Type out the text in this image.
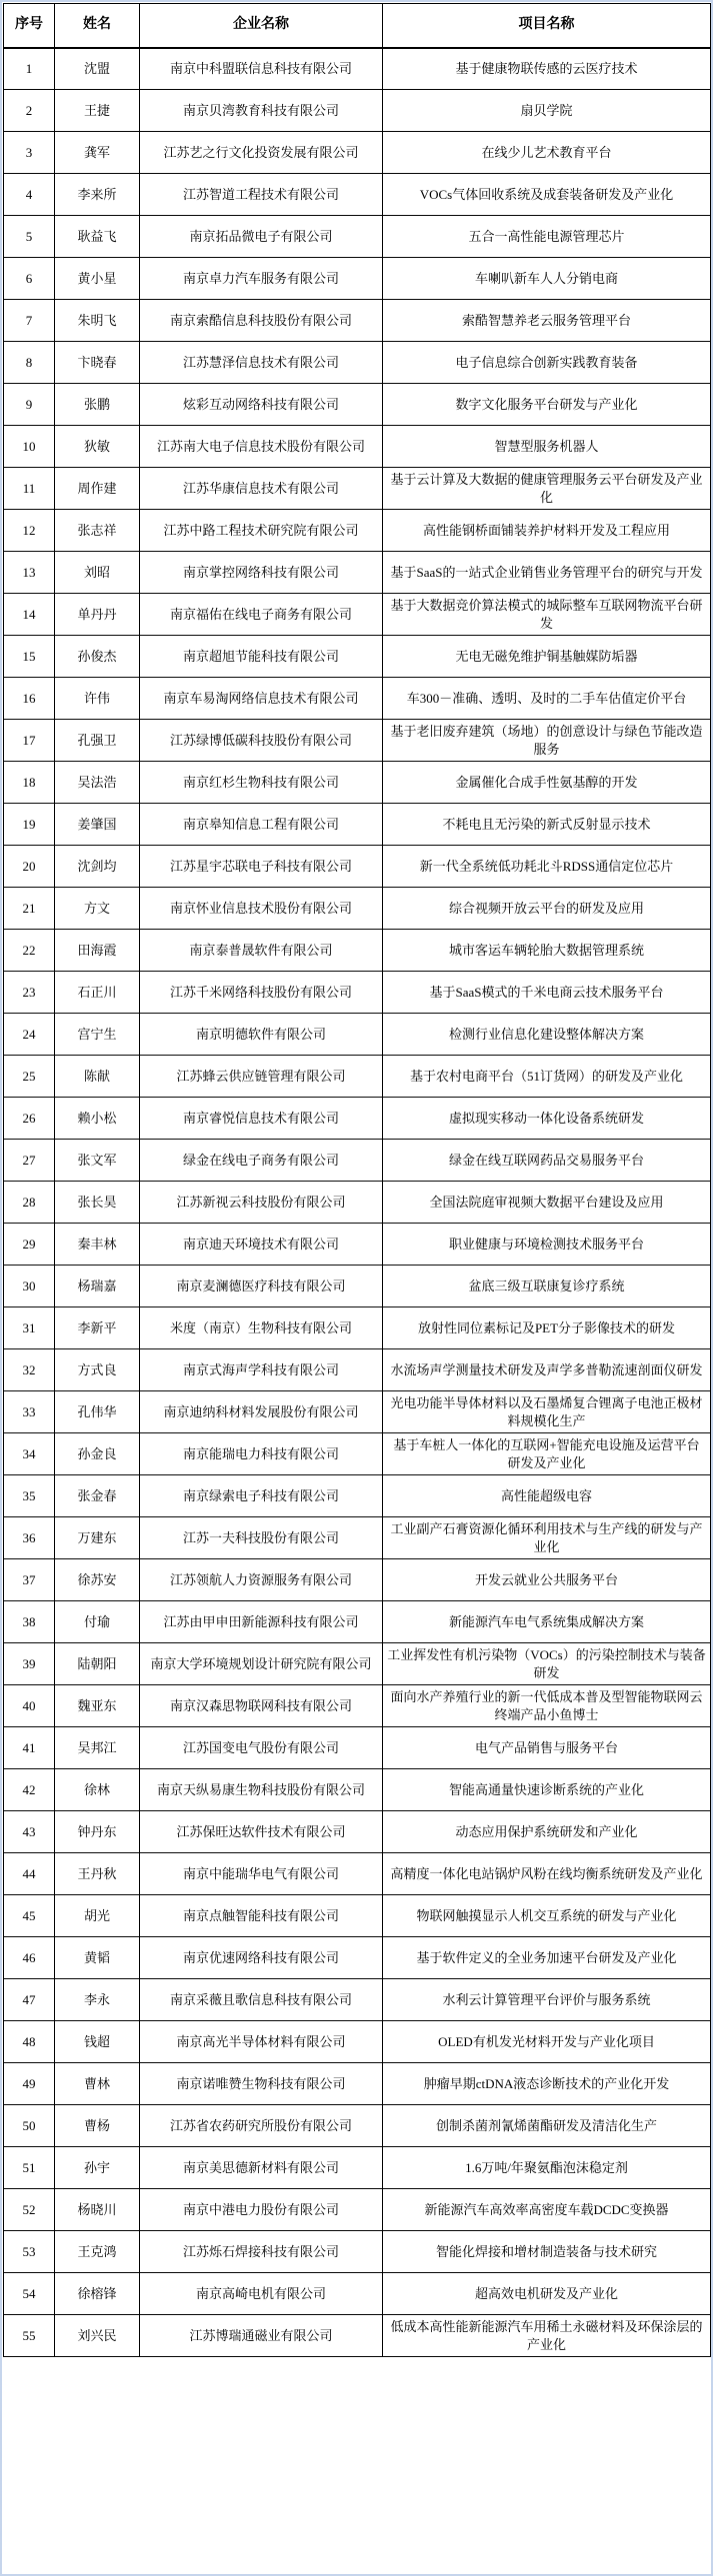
序号	姓名	企业名称	项目名称
1	沈盟	南京中科盟联信息科技有限公司	基于健康物联传感的云医疗技术
2	王捷	南京贝湾教育科技有限公司	扇贝学院
3	龚军	江苏艺之行文化投资发展有限公司	在线少儿艺术教育平台
4	李来所	江苏智道工程技术有限公司	VOCs气体回收系统及成套装备研发及产业化
5	耿益飞	南京拓品微电子有限公司	五合一高性能电源管理芯片
6	黄小星	南京卓力汽车服务有限公司	车喇叭新车人人分销电商
7	朱明飞	南京索酷信息科技股份有限公司	索酷智慧养老云服务管理平台
8	卞晓春	江苏慧泽信息技术有限公司	电子信息综合创新实践教育装备
9	张鹏	炫彩互动网络科技有限公司	数字文化服务平台研发与产业化
10	狄敏	江苏南大电子信息技术股份有限公司	智慧型服务机器人
11	周作建	江苏华康信息技术有限公司	基于云计算及大数据的健康管理服务云平台研发及产业化
12	张志祥	江苏中路工程技术研究院有限公司	高性能钢桥面铺装养护材料开发及工程应用
13	刘昭	南京掌控网络科技有限公司	基于SaaS的一站式企业销售业务管理平台的研究与开发
14	单丹丹	南京福佑在线电子商务有限公司	基于大数据竞价算法模式的城际整车互联网物流平台研发
15	孙俊杰	南京超旭节能科技有限公司	无电无磁免维护铜基触媒防垢器
16	许伟	南京车易淘网络信息技术有限公司	车300－准确、透明、及时的二手车估值定价平台
17	孔强卫	江苏绿博低碳科技股份有限公司	基于老旧废弃建筑（场地）的创意设计与绿色节能改造服务
18	吴法浩	南京红杉生物科技有限公司	金属催化合成手性氨基醇的开发
19	姜肇国	南京皋知信息工程有限公司	不耗电且无污染的新式反射显示技术
20	沈剑均	江苏星宇芯联电子科技有限公司	新一代全系统低功耗北斗RDSS通信定位芯片
21	方文	南京怀业信息技术股份有限公司	综合视频开放云平台的研发及应用
22	田海霞	南京泰普晟软件有限公司	城市客运车辆轮胎大数据管理系统
23	石正川	江苏千米网络科技股份有限公司	基于SaaS模式的千米电商云技术服务平台
24	宫宁生	南京明德软件有限公司	检测行业信息化建设整体解决方案
25	陈献	江苏蜂云供应链管理有限公司	基于农村电商平台（51订货网）的研发及产业化
26	赖小松	南京睿悦信息技术有限公司	虚拟现实移动一体化设备系统研发
27	张文军	绿金在线电子商务有限公司	绿金在线互联网药品交易服务平台
28	张长昊	江苏新视云科技股份有限公司	全国法院庭审视频大数据平台建设及应用
29	秦丰林	南京迪天环境技术有限公司	职业健康与环境检测技术服务平台
30	杨瑞嘉	南京麦澜德医疗科技有限公司	盆底三级互联康复诊疗系统
31	李新平	米度（南京）生物科技有限公司	放射性同位素标记及PET分子影像技术的研发
32	方式良	南京式海声学科技有限公司	水流场声学测量技术研发及声学多普勒流速剖面仪研发
33	孔伟华	南京迪纳科材料发展股份有限公司	光电功能半导体材料以及石墨烯复合锂离子电池正极材料规模化生产
34	孙金良	南京能瑞电力科技有限公司	基于车桩人一体化的互联网+智能充电设施及运营平台研发及产业化
35	张金春	南京绿索电子科技有限公司	高性能超级电容
36	万建东	江苏一夫科技股份有限公司	工业副产石膏资源化循环利用技术与生产线的研发与产业化
37	徐苏安	江苏领航人力资源服务有限公司	开发云就业公共服务平台
38	付瑜	江苏由甲申田新能源科技有限公司	新能源汽车电气系统集成解决方案
39	陆朝阳	南京大学环境规划设计研究院有限公司	工业挥发性有机污染物（VOCs）的污染控制技术与装备研发
40	魏亚东	南京汉森思物联网科技有限公司	面向水产养殖行业的新一代低成本普及型智能物联网云终端产品小鱼博士
41	吴邦江	江苏国变电气股份有限公司	电气产品销售与服务平台
42	徐林	南京天纵易康生物科技股份有限公司	智能高通量快速诊断系统的产业化
43	钟丹东	江苏保旺达软件技术有限公司	动态应用保护系统研发和产业化
44	王丹秋	南京中能瑞华电气有限公司	高精度一体化电站锅炉风粉在线均衡系统研发及产业化
45	胡光	南京点触智能科技有限公司	物联网触摸显示人机交互系统的研发与产业化
46	黄韬	南京优速网络科技有限公司	基于软件定义的全业务加速平台研发及产业化
47	李永	南京采薇且歌信息科技有限公司	水利云计算管理平台评价与服务系统
48	钱超	南京高光半导体材料有限公司	OLED有机发光材料开发与产业化项目
49	曹林	南京诺唯赞生物科技有限公司	肿瘤早期ctDNA液态诊断技术的产业化开发
50	曹杨	江苏省农药研究所股份有限公司	创制杀菌剂氰烯菌酯研发及清洁化生产
51	孙宇	南京美思德新材料有限公司	1.6万吨/年聚氨酯泡沫稳定剂
52	杨晓川	南京中港电力股份有限公司	新能源汽车高效率高密度车载DCDC变换器
53	王克鸿	江苏烁石焊接科技有限公司	智能化焊接和增材制造装备与技术研究
54	徐榕锋	南京高崎电机有限公司	超高效电机研发及产业化
55	刘兴民	江苏博瑞通磁业有限公司	低成本高性能新能源汽车用稀土永磁材料及环保涂层的产业化
